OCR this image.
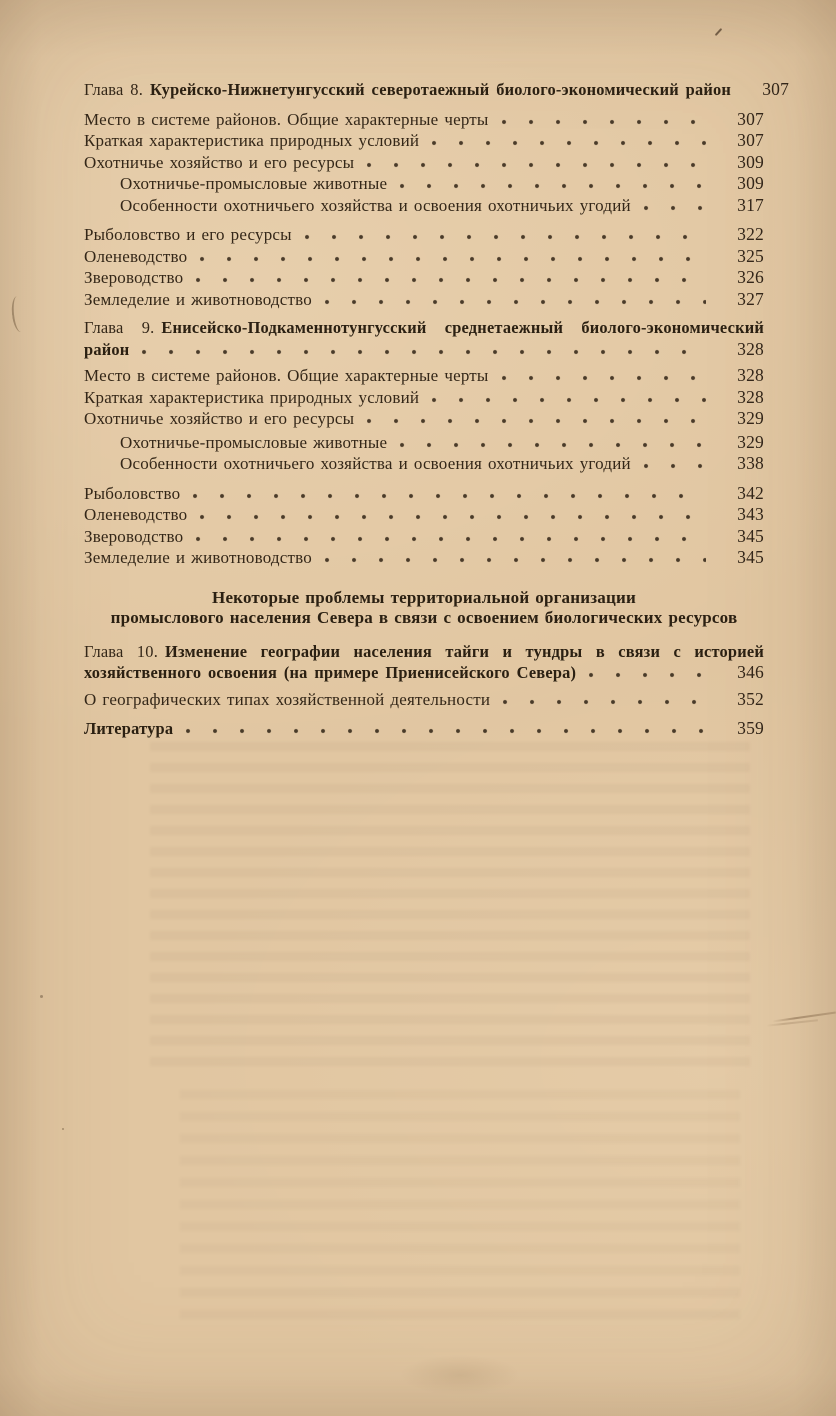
Глава 8. Курейско-Нижнетунгусский северотаежный биолого-экономический район	307
Место в системе районов. Общие характерные черты	307
Краткая характеристика природных условий	307
Охотничье хозяйство и его ресурсы	309
Охотничье-промысловые животные	309
Особенности охотничьего хозяйства и освоения охотничьих угодий	317
Рыболовство и его ресурсы	322
Оленеводство	325
Звероводство	326
Земледелие и животноводство	327
Глава 9. Енисейско-Подкаменнотунгусский среднетаежный биолого-экономический
район	328
Место в системе районов. Общие характерные черты	328
Краткая характеристика природных условий	328
Охотничье хозяйство и его ресурсы	329
Охотничье-промысловые животные	329
Особенности охотничьего хозяйства и освоения охотничьих угодий	338
Рыболовство	342
Оленеводство	343
Звероводство	345
Земледелие и животноводство	345
Некоторые проблемы территориальной организации
промыслового населения Севера в связи с освоением биологических ресурсов
Глава 10. Изменение географии населения тайги и тундры в связи с историей
хозяйственного освоения (на примере Приенисейского Севера)	346
О географических типах хозяйственной деятельности	352
Литература	359
